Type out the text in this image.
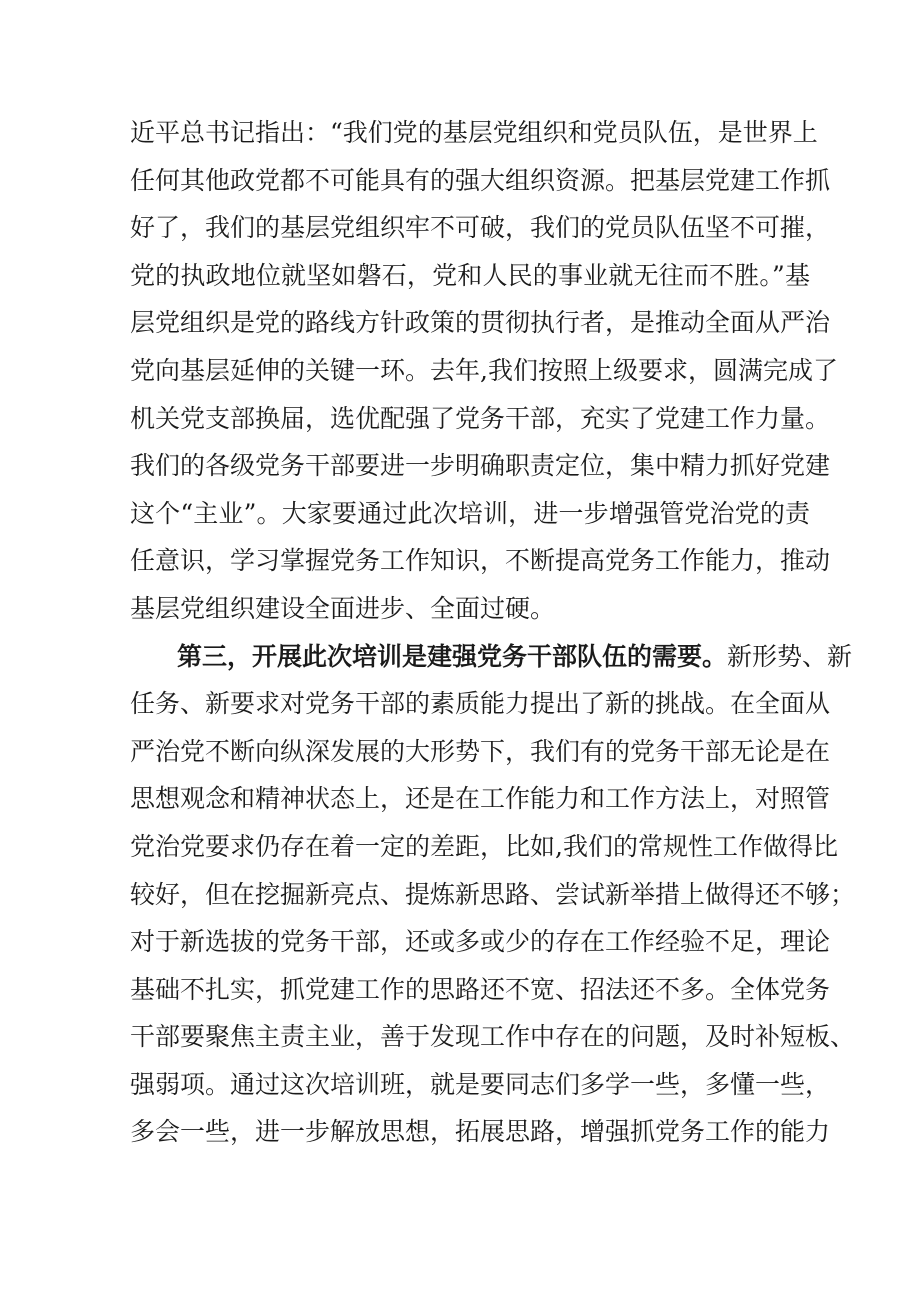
近平总书记指出：“我们党的基层党组织和党员队伍，是世界上
任何其他政党都不可能具有的强大组织资源。把基层党建工作抓
好了，我们的基层党组织牢不可破，我们的党员队伍坚不可摧，
党的执政地位就坚如磐石，党和人民的事业就无往而不胜。”基
层党组织是党的路线方针政策的贯彻执行者，是推动全面从严治
党向基层延伸的关键一环。去年,我们按照上级要求，圆满完成了
机关党支部换届，选优配强了党务干部，充实了党建工作力量。
我们的各级党务干部要进一步明确职责定位，集中精力抓好党建
这个“主业”。大家要通过此次培训，进一步增强管党治党的责
任意识，学习掌握党务工作知识，不断提高党务工作能力，推动
基层党组织建设全面进步、全面过硬。
第三，开展此次培训是建强党务干部队伍的需要。新形势、新
任务、新要求对党务干部的素质能力提出了新的挑战。在全面从
严治党不断向纵深发展的大形势下，我们有的党务干部无论是在
思想观念和精神状态上，还是在工作能力和工作方法上，对照管
党治党要求仍存在着一定的差距，比如,我们的常规性工作做得比
较好，但在挖掘新亮点、提炼新思路、尝试新举措上做得还不够；
对于新选拔的党务干部，还或多或少的存在工作经验不足，理论
基础不扎实，抓党建工作的思路还不宽、招法还不多。全体党务
干部要聚焦主责主业，善于发现工作中存在的问题，及时补短板、
强弱项。通过这次培训班，就是要同志们多学一些，多懂一些，
多会一些，进一步解放思想，拓展思路，增强抓党务工作的能力
